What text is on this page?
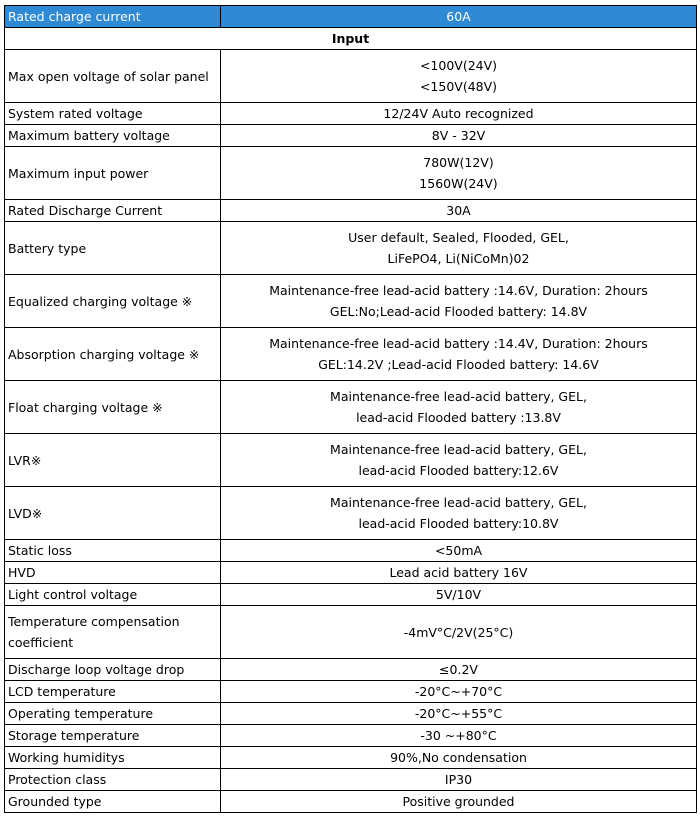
Rated charge current	60A
Input	
Max open voltage of solar panel	<100V(24V)
<150V(48V)

System rated voltage	12/24V Auto recognized

Maximum battery voltage	8V - 32V

Maximum input power	780W(12V)
1560W(24V)

Rated Discharge Current	30A

Battery type	User default, Sealed, Flooded, GEL,
LiFePO4, Li(NiCoMn)02

Equalized charging voltage ※	Maintenance-free lead-acid battery :14.6V, Duration: 2hours
GEL:No;Lead-acid Flooded battery: 14.8V

Absorption charging voltage ※	Maintenance-free lead-acid battery :14.4V, Duration: 2hours
GEL:14.2V ;Lead-acid Flooded battery: 14.6V

Float charging voltage ※	Maintenance-free lead-acid battery, GEL,
lead-acid Flooded battery :13.8V

LVR※	Maintenance-free lead-acid battery, GEL,
lead-acid Flooded battery:12.6V

LVD※	Maintenance-free lead-acid battery, GEL,
lead-acid Flooded battery:10.8V

Static loss	<50mA

HVD	Lead acid battery 16V

Light control voltage	5V/10V

Temperature compensation
coefficient	-4mV°C/2V(25°C)

Discharge loop voltage drop	≤0.2V

LCD temperature	-20°C~+70°C

Operating temperature	-20°C~+55°C

Storage temperature	-30 ~+80°C

Working humiditys	90%,No condensation

Protection class	IP30

Grounded type	Positive grounded
